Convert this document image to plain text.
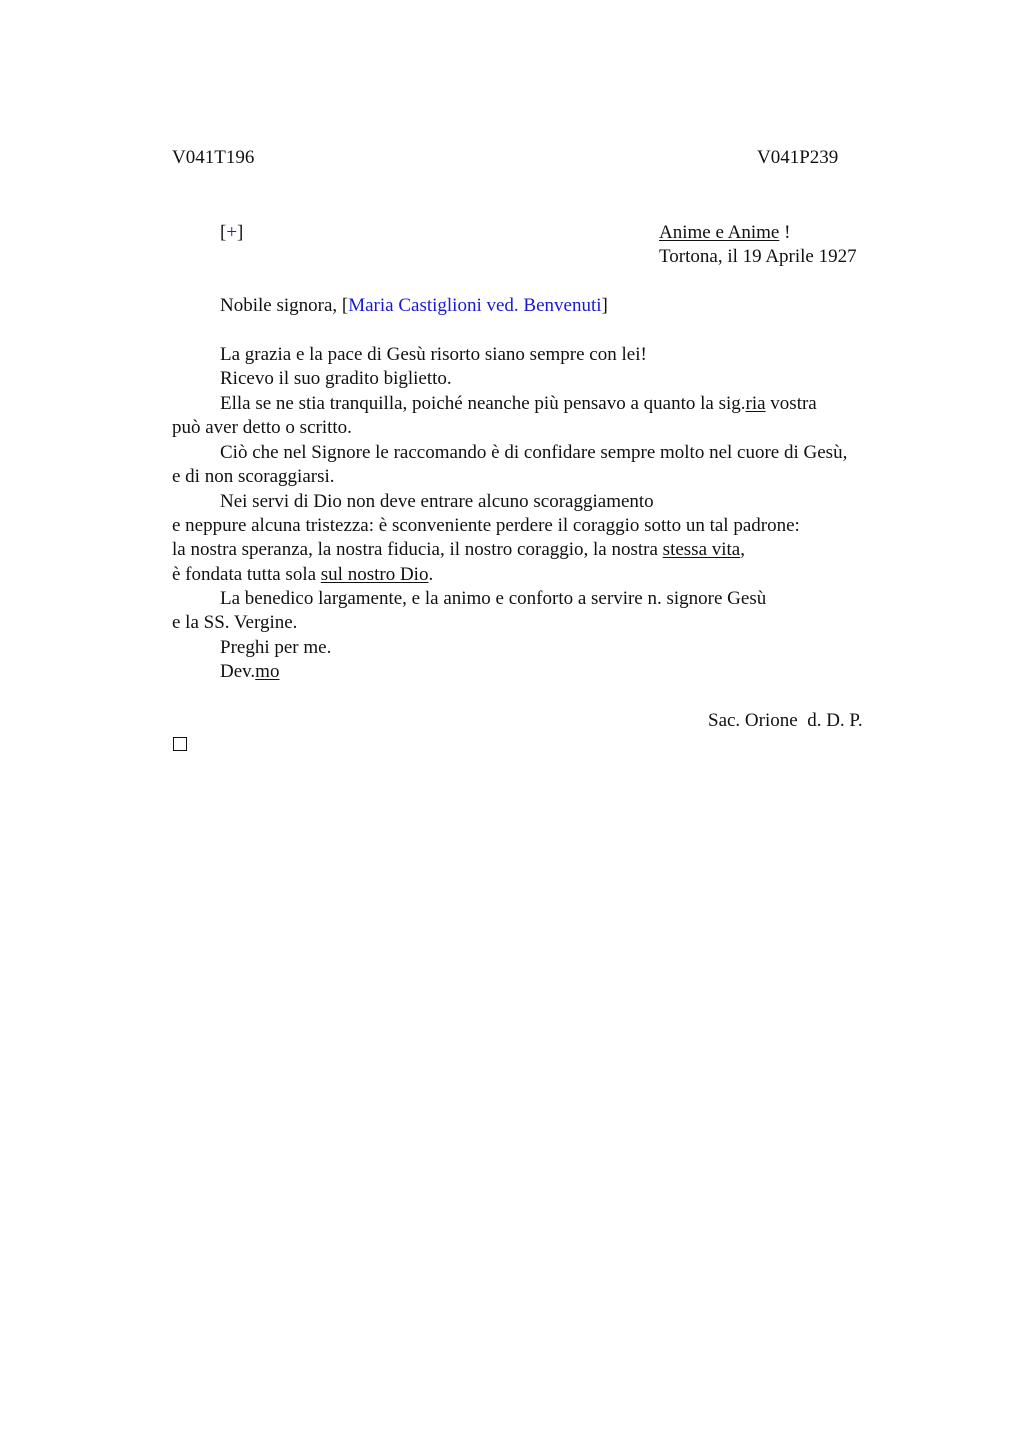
V041T196	V041P239
[+]	Anime e Anime !
Tortona, il 19 Aprile 1927
Nobile signora, [Maria Castiglioni ved. Benvenuti]
La grazia e la pace di Gesù risorto siano sempre con lei!
Ricevo il suo gradito biglietto.
Ella se ne stia tranquilla, poiché neanche più pensavo a quanto la sig.ria vostra
può aver detto o scritto.
Ciò che nel Signore le raccomando è di confidare sempre molto nel cuore di Gesù,
e di non scoraggiarsi.
Nei servi di Dio non deve entrare alcuno scoraggiamento
e neppure alcuna tristezza: è sconveniente perdere il coraggio sotto un tal padrone:
la nostra speranza, la nostra fiducia, il nostro coraggio, la nostra stessa vita,
è fondata tutta sola sul nostro Dio.
La benedico largamente, e la animo e conforto a servire n. signore Gesù
e la SS. Vergine.
Preghi per me.
Dev.mo
Sac. Orione  d. D. P.
